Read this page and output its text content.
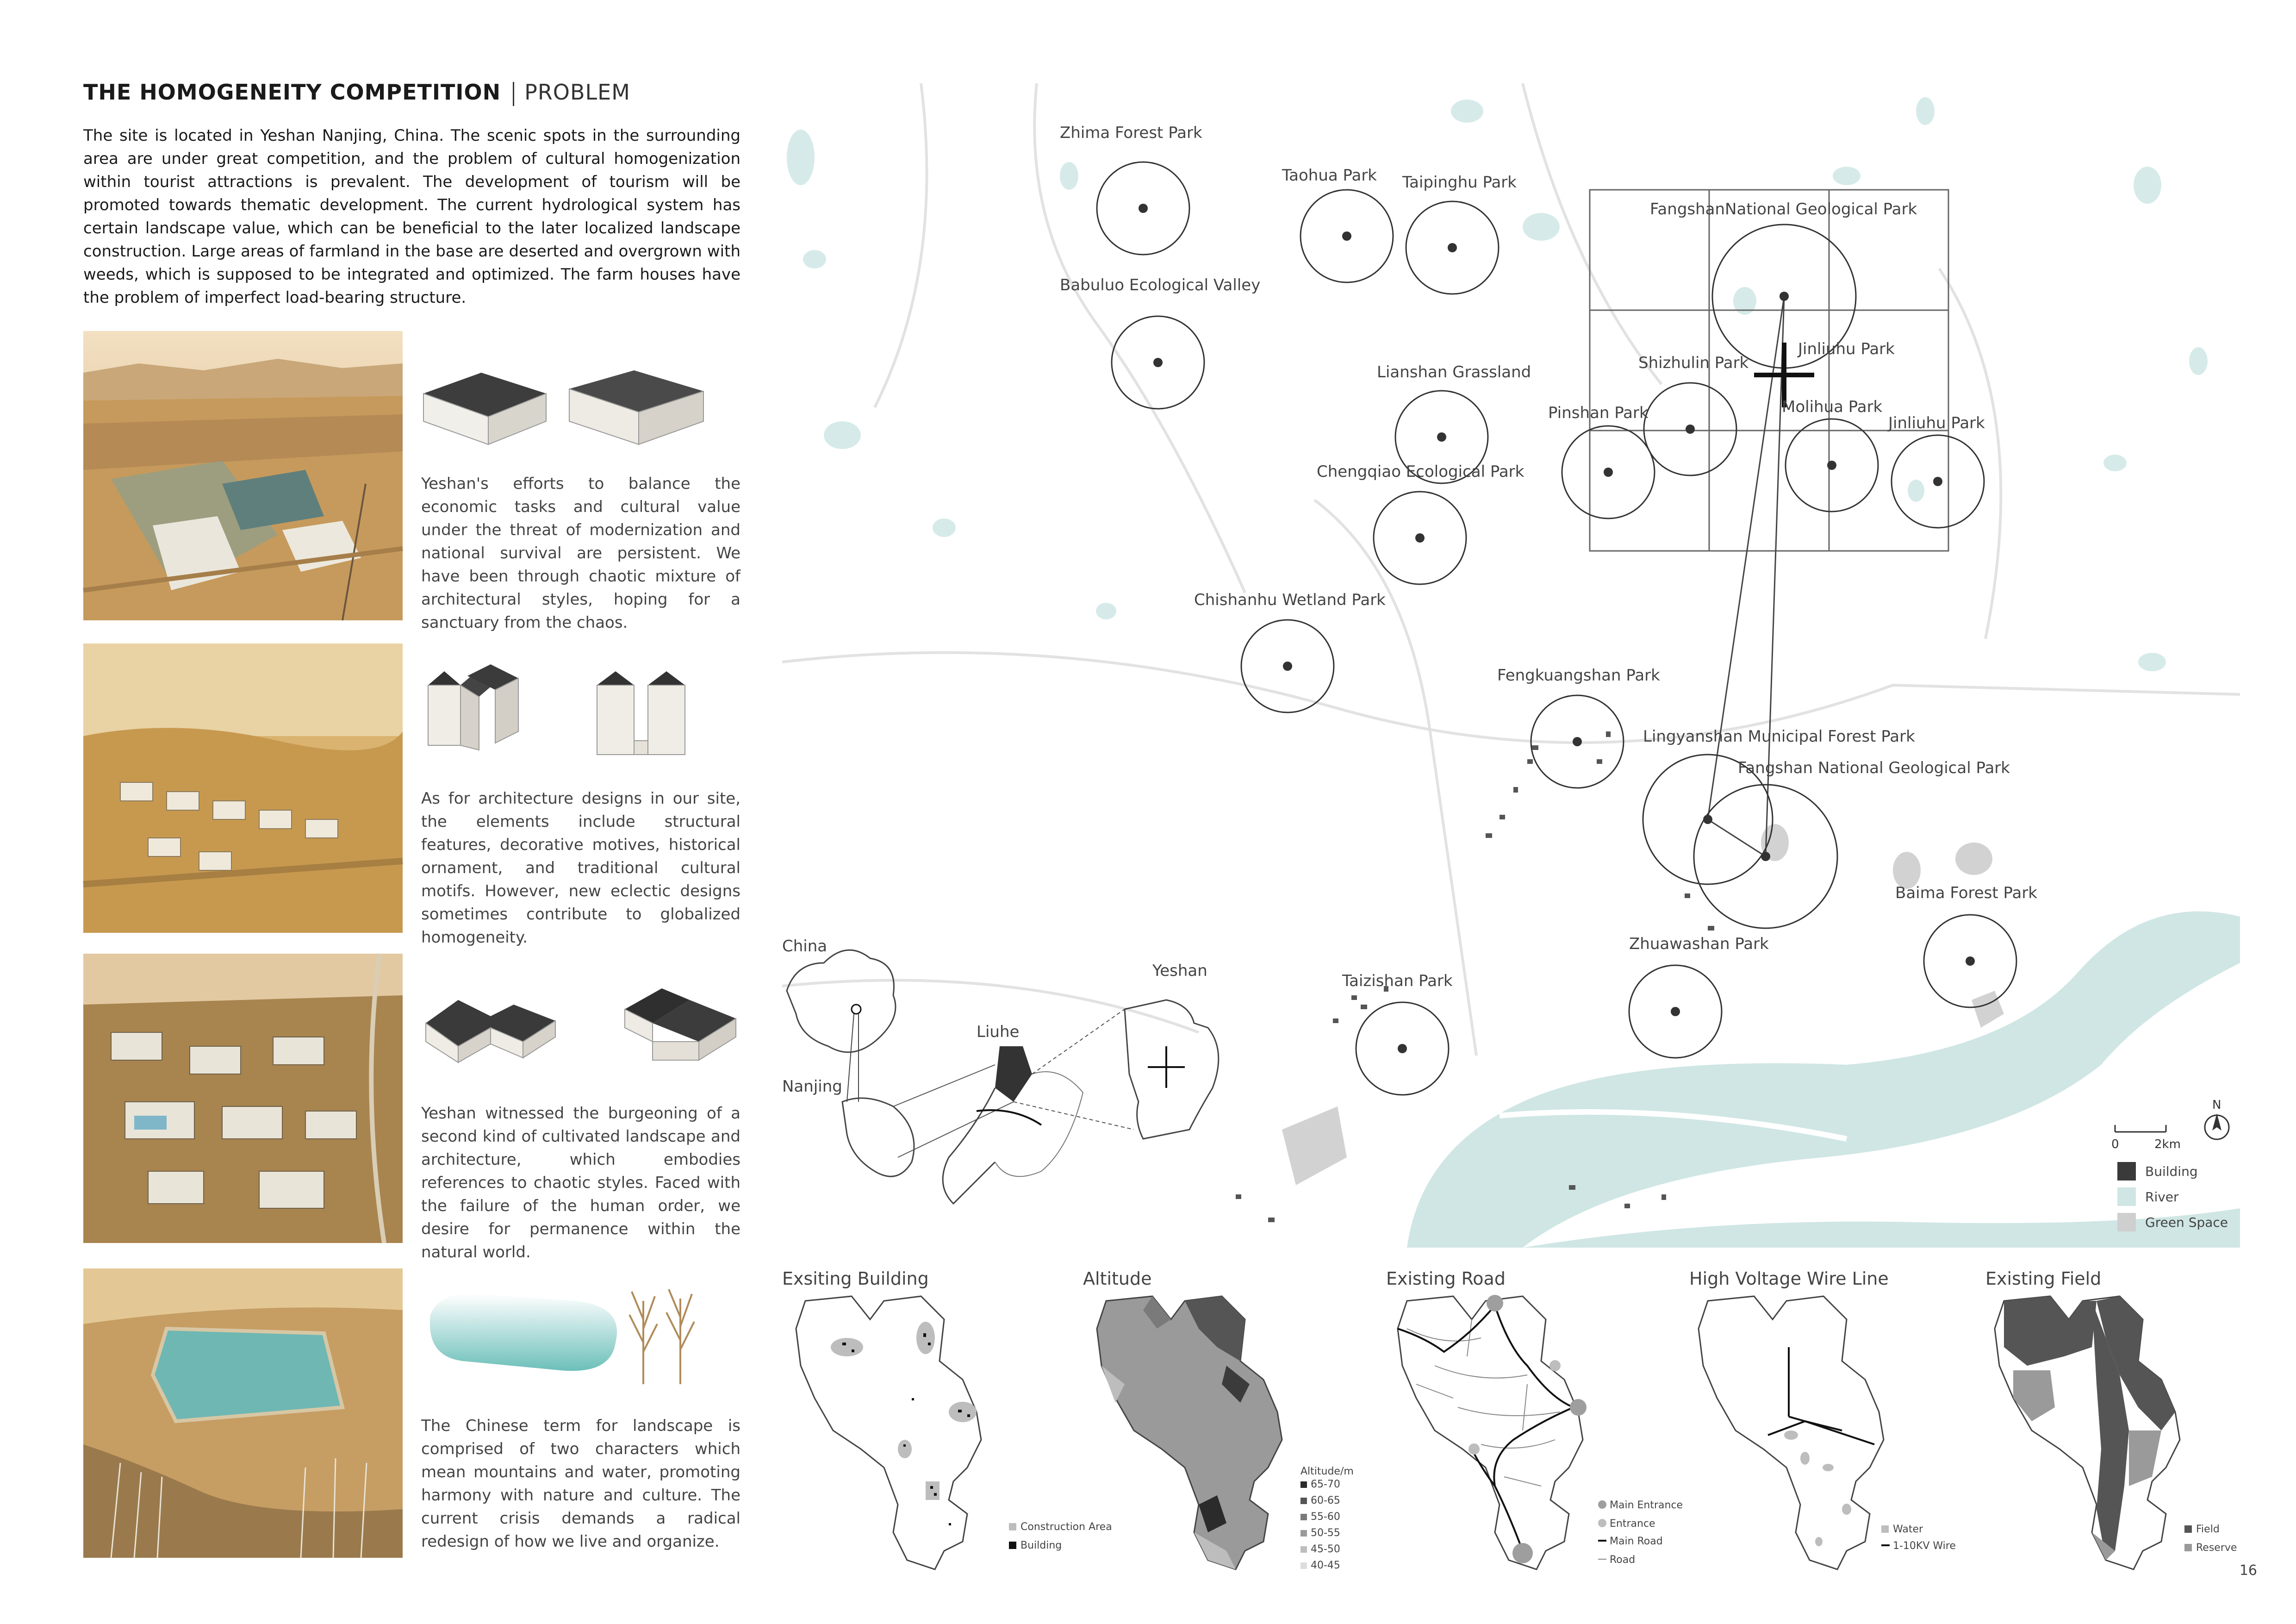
THE HOMOGENEITY COMPETITION PROBLEM

The site is located in Yeshan Nanjing, China. The scenic spots in the surrounding area are under great competition, and the problem of cultural homogenization within tourist attractions is prevalent. The development of tourism will be promoted towards thematic development. The current hydrological system has certain landscape value, which can be beneficial to the later localized landscape construction. Large areas of farmland in the base are deserted and overgrown with weeds, which is supposed to be integrated and optimized. The farm houses have the problem of imperfect load-bearing structure.

Yeshan's efforts to balance the economic tasks and cultural value under the threat of modernization and national survival are persistent. We have been through chaotic mixture of architectural styles, hoping for a sanctuary from the chaos.

As for architecture designs in our site, the elements include structural features, decorative motives, historical ornament, and traditional cultural motifs. However, new eclectic designs sometimes contribute to globalized homogeneity.

Yeshan witnessed the burgeoning of a second kind of cultivated landscape and architecture, which embodies references to chaotic styles. Faced with the failure of the human order, we desire for permanence within the natural world.

The Chinese term for landscape is comprised of two characters which mean mountains and water, promoting harmony with nature and culture. The current crisis demands a radical redesign of how we live and organize.

Zhima Forest Park
Taohua Park Taipinghu Park
FangshanNational Geological Park
Babuluo Ecological Valley
Lianshan Grassland	Shizhulin Park
Jinliuhu Park
Pinshan Park	Molihua Park
Jinliuhu Park
Chengqiao Ecological Park
Chishanhu Wetland Park
Fengkuangshan Park
Lingyanshan Municipal Forest Park
Fangshan National Geological Park
Baima Forest Park
Zhuawashan Park
Taizishan Park
China
Nanjing
Liuhe
Yeshan
0	2km
N
Building
River
Green Space
Exsiting Building	Altitude	Existing Road	High Voltage Wire Line	Existing Field
Construction Area
Building
Altitude/m
65-70
60-65
55-60
50-55
45-50
40-45
Main Entrance
Entrance
Main Road
Road
Water
1-10KV Wire
Field
Reserve
16
